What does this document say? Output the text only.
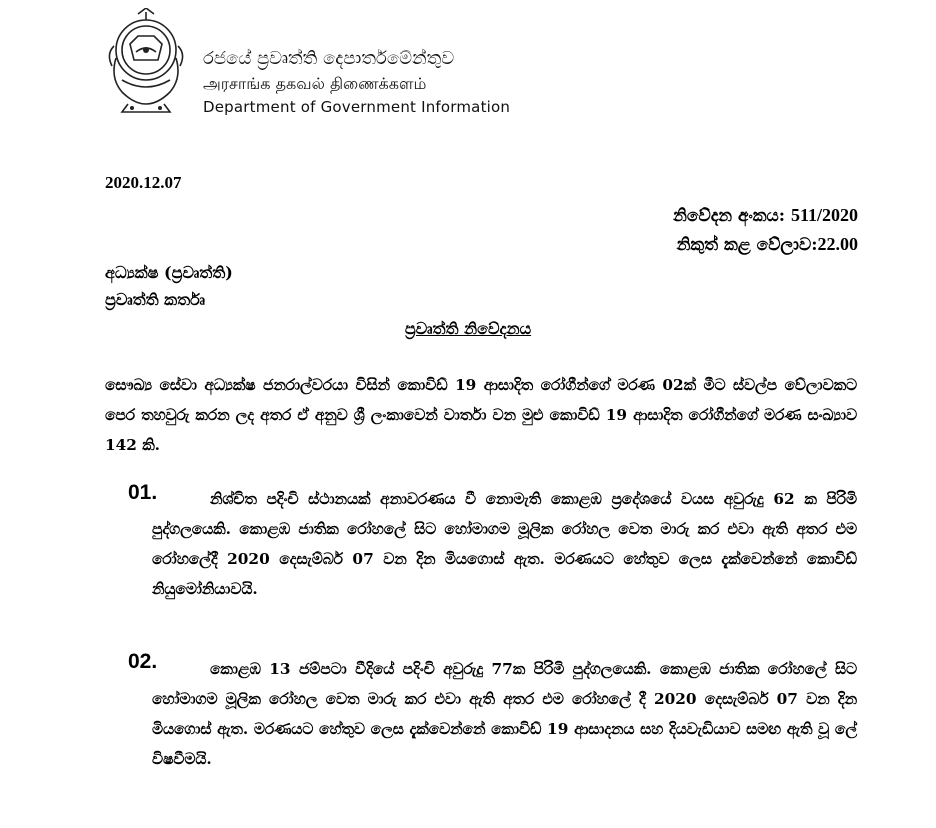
රජයේ ප්‍රවෘත්ති දෙපාර්තමේන්තුව
அரசாங்க தகவல் திணைக்களம்
Department of Government Information
2020.12.07
නිවේදන අංකය: 511/2020
නිකුත් කළ වේලාව:22.00
අධ්‍යක්ෂ (ප්‍රවෘත්ති)
ප්‍රවෘත්ති කර්තෘ
ප්‍රවෘත්ති නිවේදනය
සෞඛ්‍ය සේවා අධ්‍යක්ෂ ජනරාල්වරයා විසින් කොවිඩ් 19 ආසාදිත රෝගීන්ගේ මරණ 02ක් මීට ස්වල්ප වේලාවකට පෙර තහවුරු කරන ලද අතර ඒ අනුව ශ්‍රී ලංකාවෙන් වාර්තා වන මුළු කොවිඩ් 19 ආසාදිත රෝගීන්ගේ මරණ සංඛ්‍යාව 142 කි.
01.	නිශ්චිත පදිංචි ස්ථානයක් අනාවරණය වී නොමැති කොළඹ ප්‍රදේශයේ වයස අවුරුදු 62 ක පිරිමි පුද්ගලයෙකි. කොළඹ ජාතික රෝහලේ සිට හෝමාගම මූලික රෝහල වෙත මාරු කර එවා ඇති අතර එම රෝහලේදී 2020 දෙසැම්බර් 07 වන දින මියගොස් ඇත. මරණයට හේතුව ලෙස දැක්වෙන්නේ කොවිඩ් නියුමෝනියාවයි.
02.	කොළඹ 13 ජම්පටා වීදියේ පදිංචි අවුරුදු 77ක පිරිමි පුද්ගලයෙකි. කොළඹ ජාතික රෝහලේ සිට හෝමාගම මූලික රෝහල වෙත මාරු කර එවා ඇති අතර එම රෝහලේ දී 2020 දෙසැම්බර් 07 වන දින මියගොස් ඇත. මරණයට හේතුව ලෙස දැක්වෙන්නේ කොවිඩ් 19 ආසාදනය සහ දියවැඩියාව සමඟ ඇති වූ ලේ විෂවීමයි.
